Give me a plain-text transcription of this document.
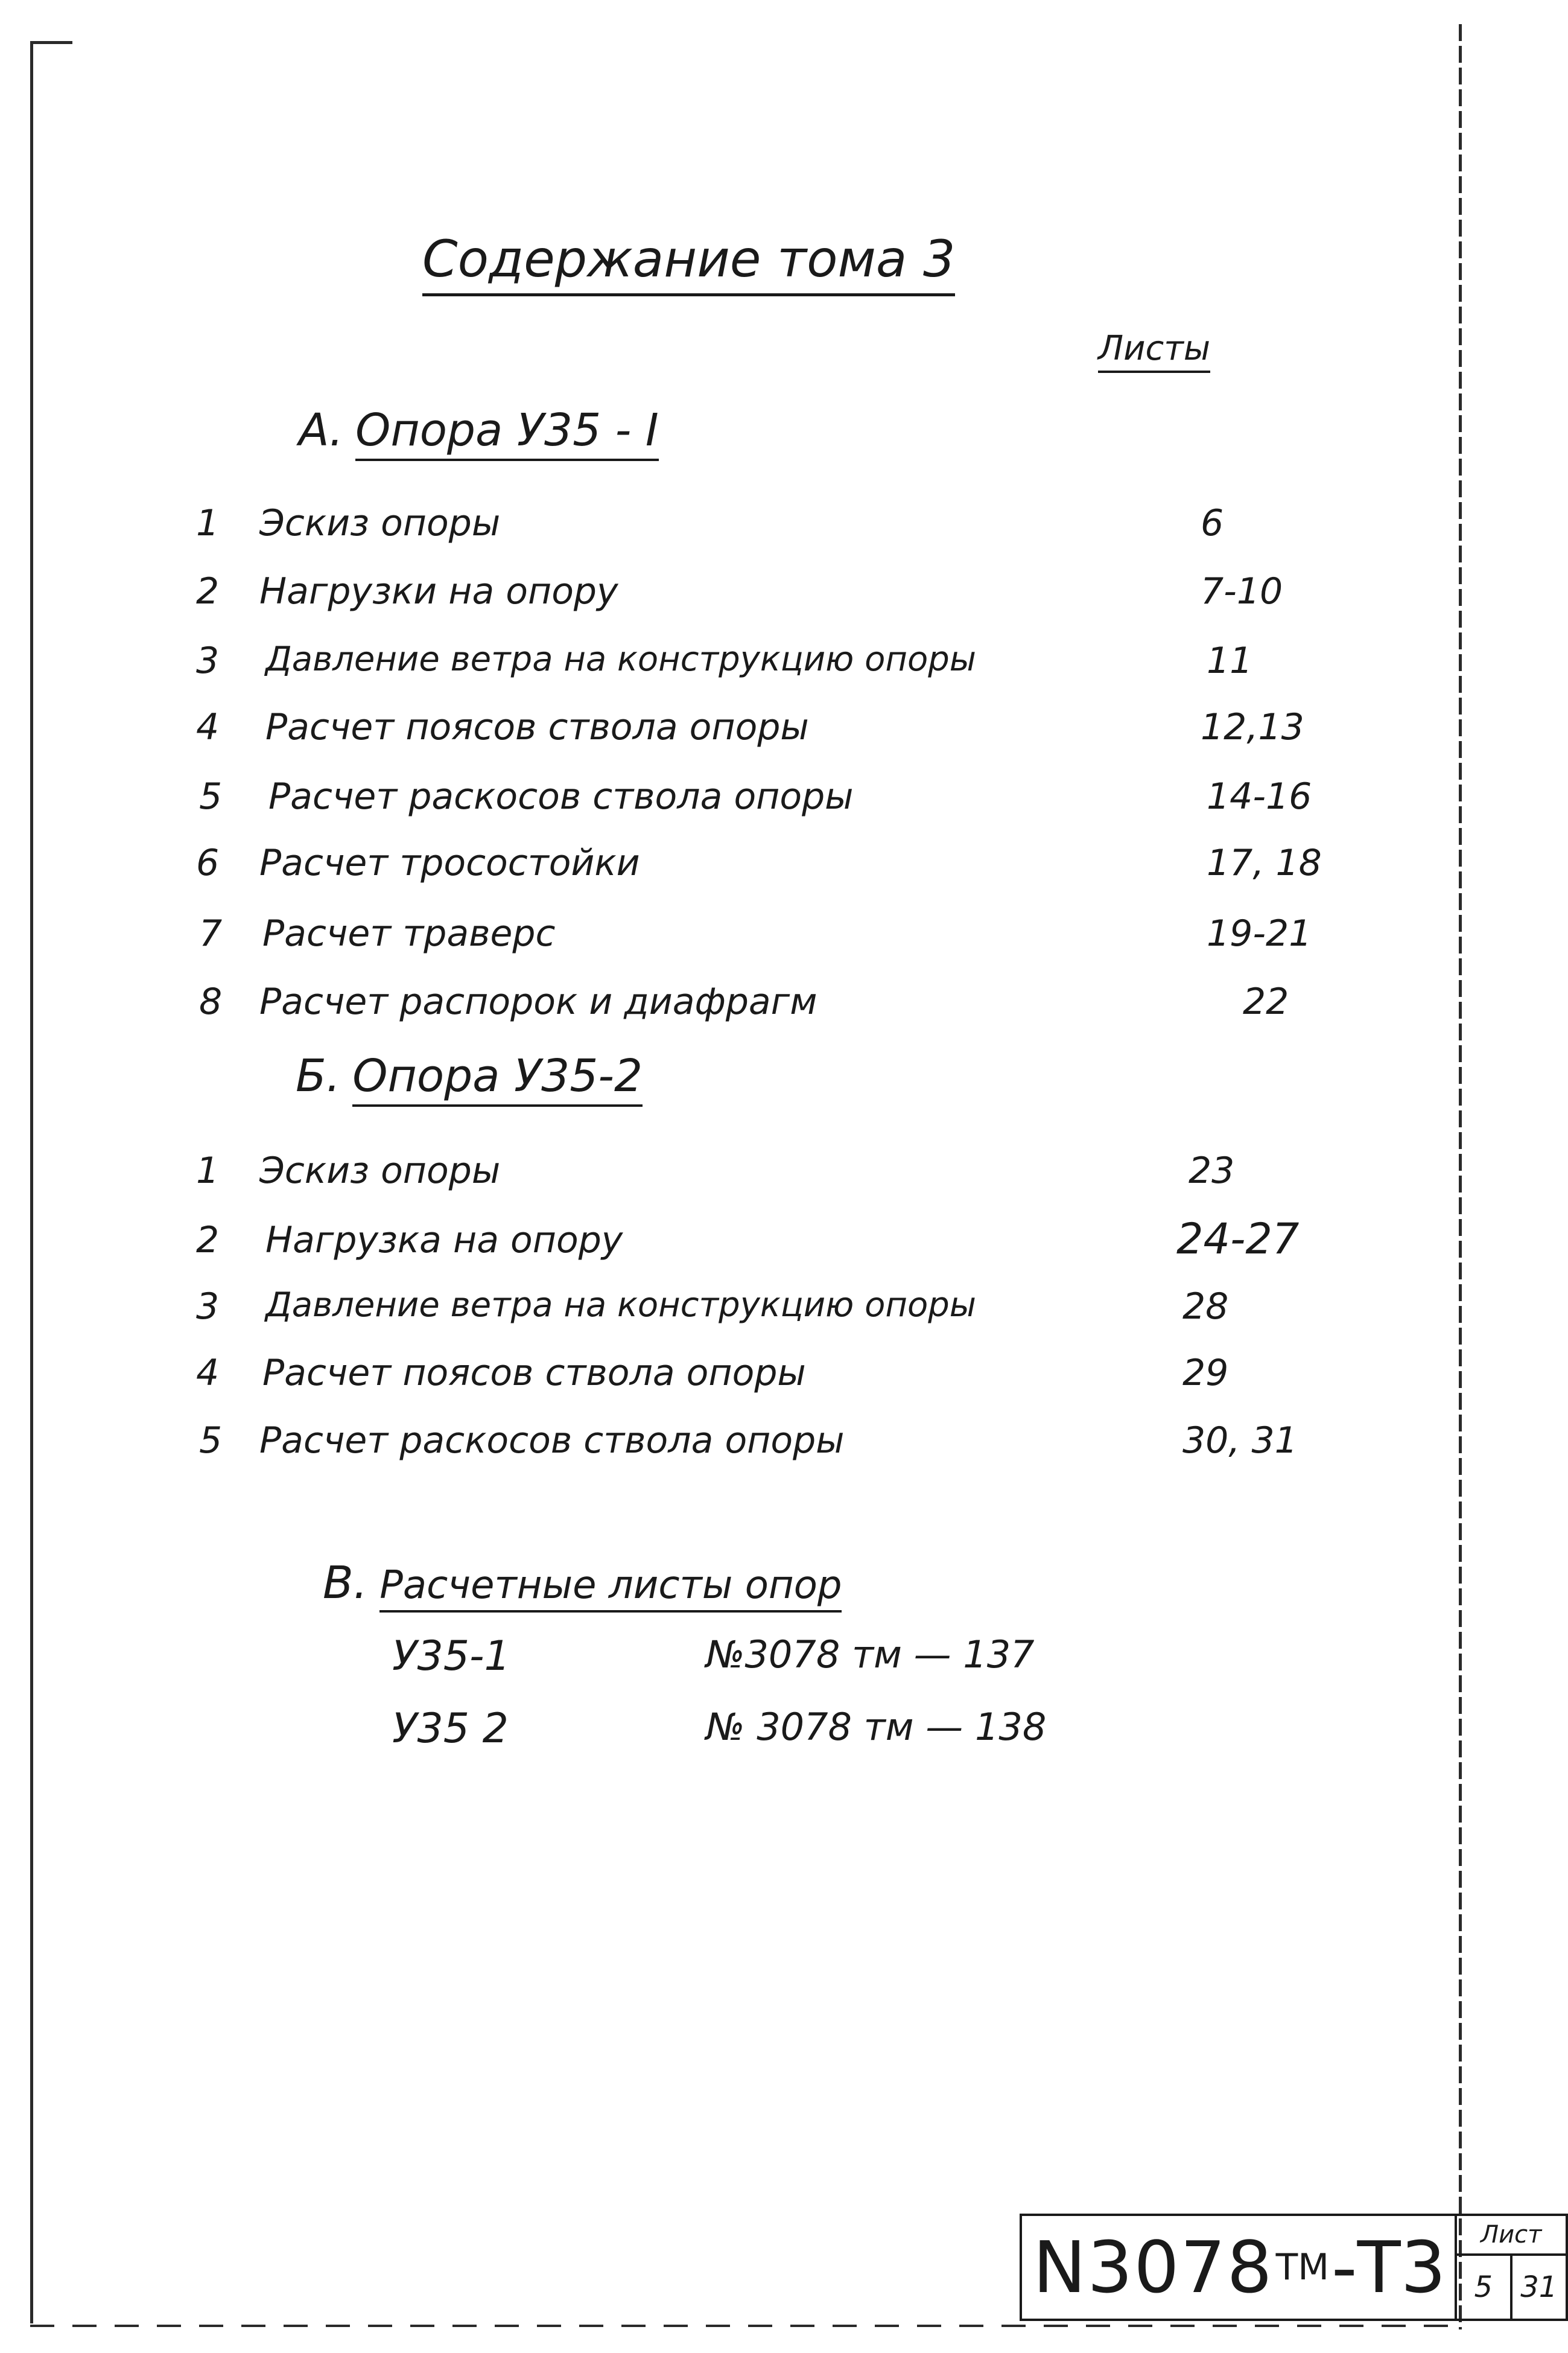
Содержание тома 3
Листы
А. Опора У35 - I
1 Эскиз опоры	6
2 Нагрузки на опору	7-10
3 Давление ветра на конструкцию опоры	11
4 Расчет поясов ствола опоры	12,13
5 Расчет раскосов ствола опоры	14-16
6 Расчет тросостойки	17, 18
7 Расчет траверс	19-21
8 Расчет распорок и диафрагм	22
Б. Опора У35-2
1 Эскиз опоры	23
2 Нагрузка на опору	24-27
3 Давление ветра на конструкцию опоры	28
4 Расчет поясов ствола опоры	29
5 Расчет раскосов ствола опоры	30, 31
В. Расчетные листы опор
У35-1	№3078 тм — 137
У35 2	№ 3078 тм — 138
N3078 ТМ -Т3	Лист
5 31
